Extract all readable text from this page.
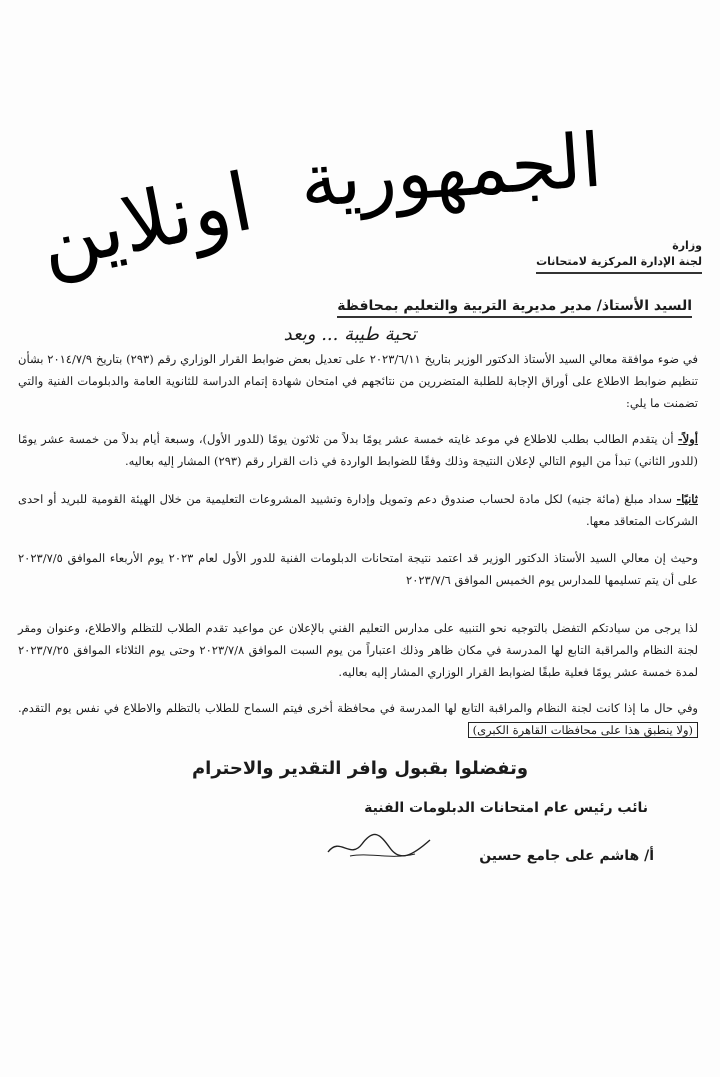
الجمهورية
اونلاين	وزارة

لجنة الإدارة المركزية لامتحانات
السيد الأستاذ/ مدير مديرية التربية والتعليم بمحافظة
تحية طيبة ... وبعد
في ضوء موافقة معالي السيد الأستاذ الدكتور الوزير بتاريخ ٢٠٢٣/٦/١١ على تعديل بعض ضوابط القرار الوزاري رقم (٢٩٣) بتاريخ ٢٠١٤/٧/٩ بشأن تنظيم ضوابط الاطلاع على أوراق الإجابة للطلبة المتضررين من نتائجهم في امتحان شهادة إتمام الدراسة للثانوية العامة والدبلومات الفنية والتي تضمنت ما يلي:
أولاً- أن يتقدم الطالب بطلب للاطلاع في موعد غايته خمسة عشر يومًا بدلاً من ثلاثون يومًا (للدور الأول)، وسبعة أيام بدلاً من خمسة عشر يومًا (للدور الثاني) تبدأ من اليوم التالي لإعلان النتيجة وذلك وفقًا للضوابط الواردة في ذات القرار رقم (٢٩٣) المشار إليه بعاليه.
ثانيًا- سداد مبلغ (مائة جنيه) لكل مادة لحساب صندوق دعم وتمويل وإدارة وتشييد المشروعات التعليمية من خلال الهيئة القومية للبريد أو احدى الشركات المتعاقد معها.
وحيث إن معالي السيد الأستاذ الدكتور الوزير قد اعتمد نتيجة امتحانات الدبلومات الفنية للدور الأول لعام ٢٠٢٣ يوم الأربعاء الموافق ٢٠٢٣/٧/٥ على أن يتم تسليمها للمدارس يوم الخميس الموافق ٢٠٢٣/٧/٦
لذا يرجى من سيادتكم التفضل بالتوجيه نحو التنبيه على مدارس التعليم الفني بالإعلان عن مواعيد تقدم الطلاب للتظلم والاطلاع، وعنوان ومقر لجنة النظام والمراقبة التابع لها المدرسة في مكان ظاهر وذلك اعتباراً من يوم السبت الموافق ٢٠٢٣/٧/٨ وحتى يوم الثلاثاء الموافق ٢٠٢٣/٧/٢٥ لمدة خمسة عشر يومًا فعلية طبقًا لضوابط القرار الوزاري المشار إليه بعاليه.
وفي حال ما إذا كانت لجنة النظام والمراقبة التابع لها المدرسة في محافظة أخرى فيتم السماح للطلاب بالتظلم والاطلاع في نفس يوم التقدم. (ولا ينطبق هذا على محافظات القاهرة الكبرى)
وتفضلوا بقبول وافر التقدير والاحترام
نائب رئيس عام امتحانات الدبلومات الفنية
أ/ هاشم على جامع حسين
